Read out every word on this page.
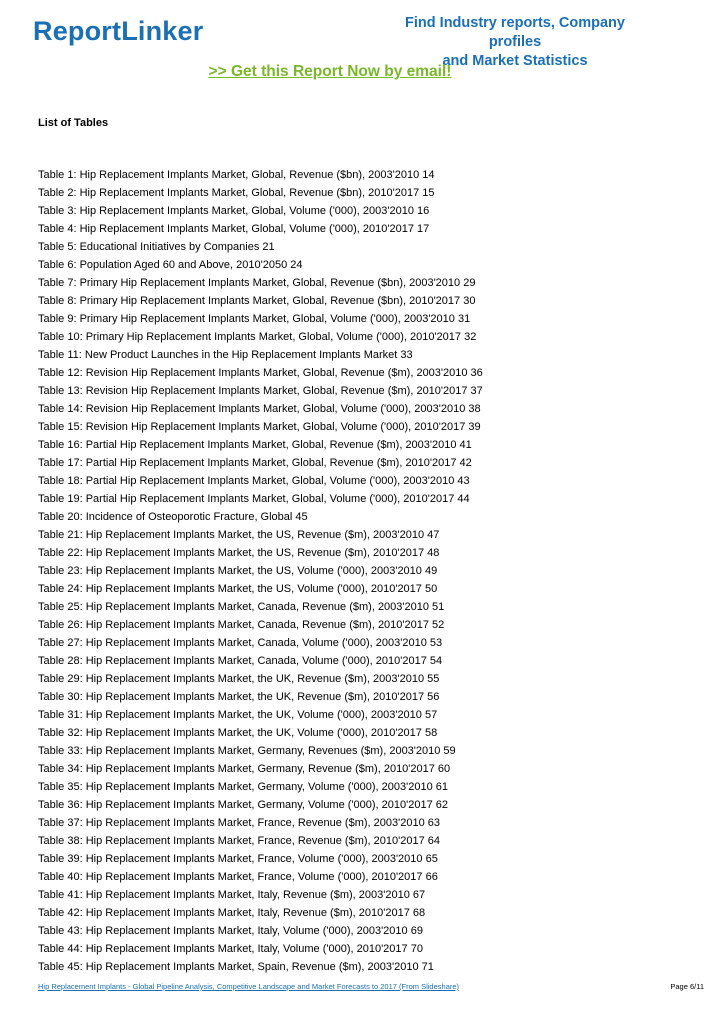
ReportLinker	Find Industry reports, Company profiles
and Market Statistics
>> Get this Report Now by email!
List of Tables
Table 1: Hip Replacement Implants Market, Global, Revenue ($bn), 2003'2010 14
Table 2: Hip Replacement Implants Market, Global, Revenue ($bn), 2010'2017 15
Table 3: Hip Replacement Implants Market, Global, Volume ('000), 2003'2010 16
Table 4: Hip Replacement Implants Market, Global, Volume ('000), 2010'2017 17
Table 5: Educational Initiatives by Companies 21
Table 6: Population Aged 60 and Above, 2010'2050 24
Table 7: Primary Hip Replacement Implants Market, Global, Revenue ($bn), 2003'2010 29
Table 8: Primary Hip Replacement Implants Market, Global, Revenue ($bn), 2010'2017 30
Table 9: Primary Hip Replacement Implants Market, Global, Volume ('000), 2003'2010 31
Table 10: Primary Hip Replacement Implants Market, Global, Volume ('000), 2010'2017 32
Table 11: New Product Launches in the Hip Replacement Implants Market 33
Table 12: Revision Hip Replacement Implants Market, Global, Revenue ($m), 2003'2010 36
Table 13: Revision Hip Replacement Implants Market, Global, Revenue ($m), 2010'2017 37
Table 14: Revision Hip Replacement Implants Market, Global, Volume ('000), 2003'2010 38
Table 15: Revision Hip Replacement Implants Market, Global, Volume ('000), 2010'2017 39
Table 16: Partial Hip Replacement Implants Market, Global, Revenue ($m), 2003'2010 41
Table 17: Partial Hip Replacement Implants Market, Global, Revenue ($m), 2010'2017 42
Table 18: Partial Hip Replacement Implants Market, Global, Volume ('000), 2003'2010 43
Table 19: Partial Hip Replacement Implants Market, Global, Volume ('000), 2010'2017 44
Table 20: Incidence of Osteoporotic Fracture, Global 45
Table 21: Hip Replacement Implants Market, the US, Revenue ($m), 2003'2010 47
Table 22: Hip Replacement Implants Market, the US, Revenue ($m), 2010'2017 48
Table 23: Hip Replacement Implants Market, the US, Volume ('000), 2003'2010 49
Table 24: Hip Replacement Implants Market, the US, Volume ('000), 2010'2017 50
Table 25: Hip Replacement Implants Market, Canada, Revenue ($m), 2003'2010 51
Table 26: Hip Replacement Implants Market, Canada, Revenue ($m), 2010'2017 52
Table 27: Hip Replacement Implants Market, Canada, Volume ('000), 2003'2010 53
Table 28: Hip Replacement Implants Market, Canada, Volume ('000), 2010'2017 54
Table 29: Hip Replacement Implants Market, the UK, Revenue ($m), 2003'2010 55
Table 30: Hip Replacement Implants Market, the UK, Revenue ($m), 2010'2017 56
Table 31: Hip Replacement Implants Market, the UK, Volume ('000), 2003'2010 57
Table 32: Hip Replacement Implants Market, the UK, Volume ('000), 2010'2017 58
Table 33: Hip Replacement Implants Market, Germany, Revenues ($m), 2003'2010 59
Table 34: Hip Replacement Implants Market, Germany, Revenue ($m), 2010'2017 60
Table 35: Hip Replacement Implants Market, Germany, Volume ('000), 2003'2010 61
Table 36: Hip Replacement Implants Market, Germany, Volume ('000), 2010'2017 62
Table 37: Hip Replacement Implants Market, France, Revenue ($m), 2003'2010 63
Table 38: Hip Replacement Implants Market, France, Revenue ($m), 2010'2017 64
Table 39: Hip Replacement Implants Market, France, Volume ('000), 2003'2010 65
Table 40: Hip Replacement Implants Market, France, Volume ('000), 2010'2017 66
Table 41: Hip Replacement Implants Market, Italy, Revenue ($m), 2003'2010 67
Table 42: Hip Replacement Implants Market, Italy, Revenue ($m), 2010'2017 68
Table 43: Hip Replacement Implants Market, Italy, Volume ('000), 2003'2010 69
Table 44: Hip Replacement Implants Market, Italy, Volume ('000), 2010'2017 70
Table 45: Hip Replacement Implants Market, Spain, Revenue ($m), 2003'2010 71
Hip Replacement Implants - Global Pipeline Analysis, Competitive Landscape and Market Forecasts to 2017 (From Slideshare)	Page 6/11
